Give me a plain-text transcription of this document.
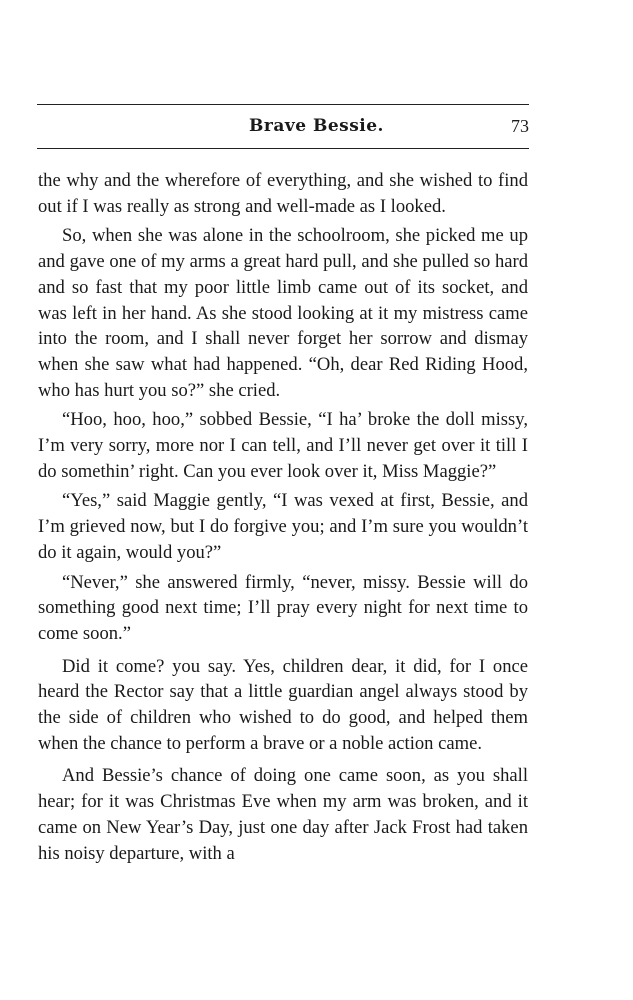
Brave Bessie.	73

the why and the wherefore of everything, and she wished to find out if I was really as strong and well-made as I looked.

So, when she was alone in the schoolroom, she picked me up and gave one of my arms a great hard pull, and she pulled so hard and so fast that my poor little limb came out of its socket, and was left in her hand. As she stood looking at it my mistress came into the room, and I shall never forget her sorrow and dismay when she saw what had happened. “Oh, dear Red Riding Hood, who has hurt you so?” she cried.

“Hoo, hoo, hoo,” sobbed Bessie, “I ha’ broke the doll missy, I’m very sorry, more nor I can tell, and I’ll never get over it till I do somethin’ right. Can you ever look over it, Miss Maggie?”

“Yes,” said Maggie gently, “I was vexed at first, Bessie, and I’m grieved now, but I do forgive you; and I’m sure you wouldn’t do it again, would you?”

“Never,” she answered firmly, “never, missy. Bessie will do something good next time; I’ll pray every night for next time to come soon.”

Did it come? you say. Yes, children dear, it did, for I once heard the Rector say that a little guardian angel always stood by the side of children who wished to do good, and helped them when the chance to perform a brave or a noble action came.

And Bessie’s chance of doing one came soon, as you shall hear; for it was Christmas Eve when my arm was broken, and it came on New Year’s Day, just one day after Jack Frost had taken his noisy departure, with a
